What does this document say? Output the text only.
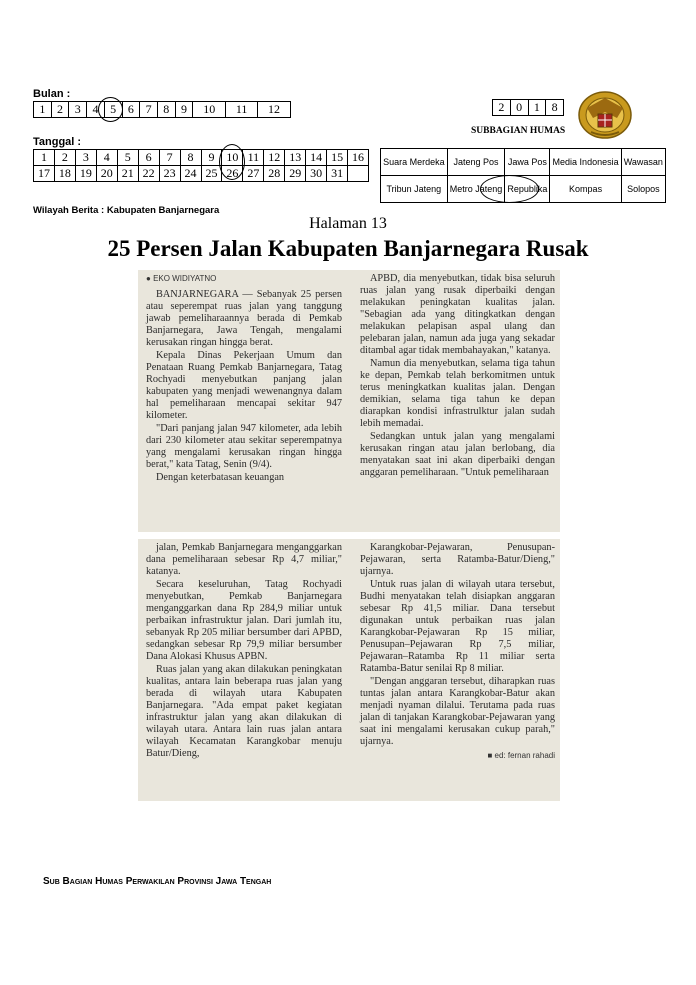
Bulan :
1	2	3	4	5	6	7	8	9	10	11	12
Tanggal :
1	2	3	4	5	6	7	8	9	10	11	12	13	14	15	16
17	18	19	20	21	22	23	24	25	26	27	28	29	30	31	
2	0	1	8
SUBBAGIAN HUMAS
Suara Merdeka	Jateng Pos	Jawa Pos	Media Indonesia	Wawasan
Tribun Jateng	Metro Jateng	Republika	Kompas	Solopos
Wilayah Berita : Kabupaten Banjarnegara
Halaman 13
25 Persen Jalan Kabupaten Banjarnegara Rusak
● EKO WIDIYATNO

BANJARNEGARA — Sebanyak 25 persen atau seperempat ruas jalan yang tanggung jawab pemeliharaannya berada di Pemkab Banjarnegara, Jawa Tengah, mengalami kerusakan ringan hingga berat.

Kepala Dinas Pekerjaan Umum dan Penataan Ruang Pemkab Banjarnegara, Tatag Rochyadi menyebutkan panjang jalan kabupaten yang menjadi wewenangnya dalam hal pemeliharaan mencapai sekitar 947 kilometer.

"Dari panjang jalan 947 kilometer, ada lebih dari 230 kilometer atau sekitar seperempatnya yang mengalami kerusakan ringan hingga berat," kata Tatag, Senin (9/4).

Dengan keterbatasan keuangan

APBD, dia menyebutkan, tidak bisa seluruh ruas jalan yang rusak diperbaiki dengan melakukan peningkatan kualitas jalan. "Sebagian ada yang ditingkatkan dengan melakukan pelapisan aspal ulang dan pelebaran jalan, namun ada juga yang sekadar ditambal agar tidak membahayakan," katanya.

Namun dia menyebutkan, selama tiga tahun ke depan, Pemkab telah berkomitmen untuk terus meningkatkan kualitas jalan. Dengan demikian, selama tiga tahun ke depan diarapkan kondisi infrastrulktur jalan sudah lebih memadai.

Sedangkan untuk jalan yang mengalami kerusakan ringan atau jalan berlobang, dia menyatakan saat ini akan diperbaiki dengan anggaran pemeliharaan. "Untuk pemeliharaan

jalan, Pemkab Banjarnegara menganggarkan dana pemeliharaan sebesar Rp 4,7 miliar," katanya.

Secara keseluruhan, Tatag Rochyadi menyebutkan, Pemkab Banjarnegara menganggarkan dana Rp 284,9 miliar untuk perbaikan infrastruktur jalan. Dari jumlah itu, sebanyak Rp 205 miliar bersumber dari APBD, sedangkan sebesar Rp 79,9 miliar bersumber Dana Alokasi Khusus APBN.

Ruas jalan yang akan dilakukan peningkatan kualitas, antara lain beberapa ruas jalan yang berada di wilayah utara Kabupaten Banjarnegara. "Ada empat paket kegiatan infrastruktur jalan yang akan dilakukan di wilayah utara. Antara lain ruas jalan antara wilayah Kecamatan Karangkobar menuju Batur/Dieng,

Karangkobar-Pejawaran, Penusupan-Pejawaran, serta Ratamba-Batur/Dieng," ujarnya.

Untuk ruas jalan di wilayah utara tersebut, Budhi menyatakan telah disiapkan anggaran sebesar Rp 41,5 miliar. Dana tersebut digunakan untuk perbaikan ruas jalan Karangkobar-Pejawaran Rp 15 miliar, Penusupan–Pejawaran Rp 7,5 miliar, Pejawaran–Ratamba Rp 11 miliar serta Ratamba-Batur senilai Rp 8 miliar.

"Dengan anggaran tersebut, diharapkan ruas tuntas jalan antara Karangkobar-Batur akan menjadi nyaman dilalui. Terutama pada ruas jalan di tanjakan Karangkobar-Pejawaran yang saat ini mengalami kerusakan cukup parah," ujarnya.

■ ed: fernan rahadi
Sub Bagian Humas Perwakilan Provinsi Jawa Tengah
